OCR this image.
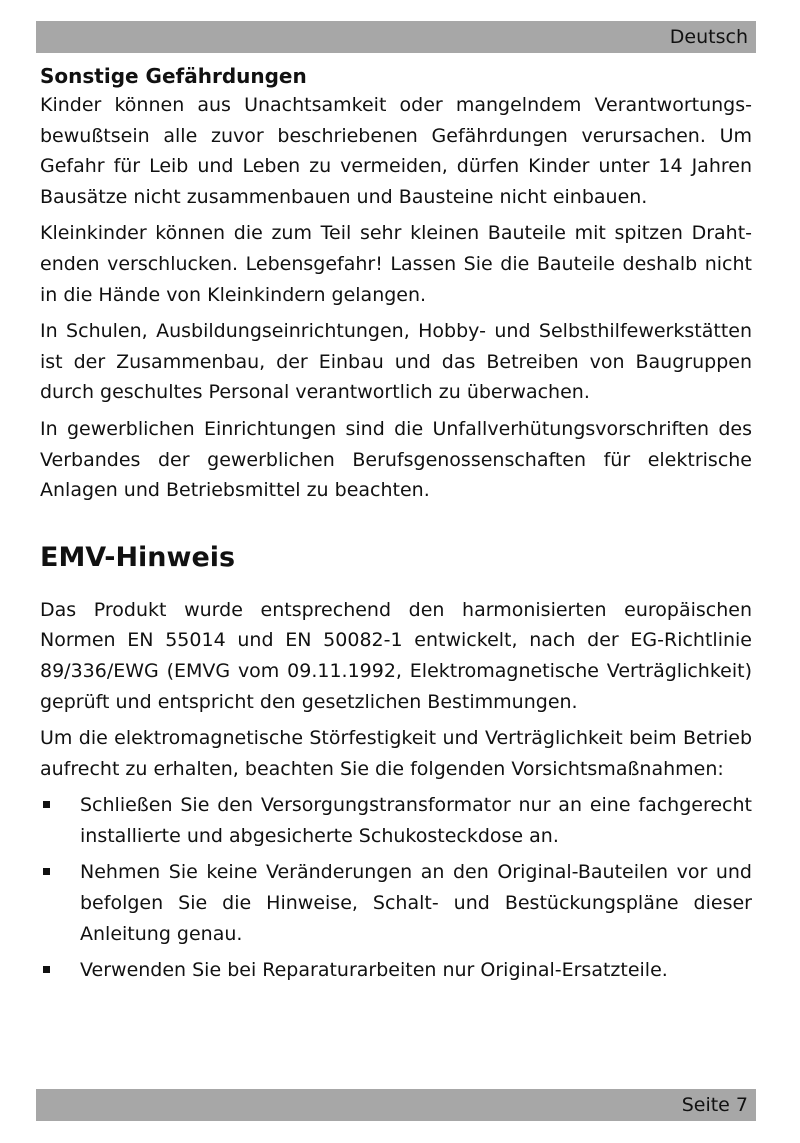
Deutsch
Sonstige Gefährdungen

Kinder können aus Unachtsamkeit oder mangelndem Verantwortungsbewußtsein alle zuvor beschriebenen Gefährdungen verursachen. Um Gefahr für Leib und Leben zu vermeiden, dürfen Kinder unter 14 Jahren Bausätze nicht zusammenbauen und Bausteine nicht einbauen.

Kleinkinder können die zum Teil sehr kleinen Bauteile mit spitzen Drahtenden verschlucken. Lebensgefahr! Lassen Sie die Bauteile deshalb nicht in die Hände von Kleinkindern gelangen.

In Schulen, Ausbildungseinrichtungen, Hobby- und Selbsthilfewerkstätten ist der Zusammenbau, der Einbau und das Betreiben von Baugruppen durch geschultes Personal verantwortlich zu überwachen.

In gewerblichen Einrichtungen sind die Unfallverhütungsvorschriften des Verbandes der gewerblichen Berufsgenossenschaften für elektrische Anlagen und Betriebsmittel zu beachten.

EMV-Hinweis

Das Produkt wurde entsprechend den harmonisierten europäischen Normen EN 55014 und EN 50082-1 entwickelt, nach der EG-Richtlinie 89/336/EWG (EMVG vom 09.11.1992, Elektromagnetische Verträglichkeit) geprüft und entspricht den gesetzlichen Bestimmungen.

Um die elektromagnetische Störfestigkeit und Verträglichkeit beim Betrieb aufrecht zu erhalten, beachten Sie die folgenden Vorsichtsmaßnahmen:

Schließen Sie den Versorgungstransformator nur an eine fachgerecht installierte und abgesicherte Schukosteckdose an.

Nehmen Sie keine Veränderungen an den Original-Bauteilen vor und befolgen Sie die Hinweise, Schalt- und Bestückungspläne dieser Anleitung genau.

Verwenden Sie bei Reparaturarbeiten nur Original-Ersatzteile.

Seite 7
